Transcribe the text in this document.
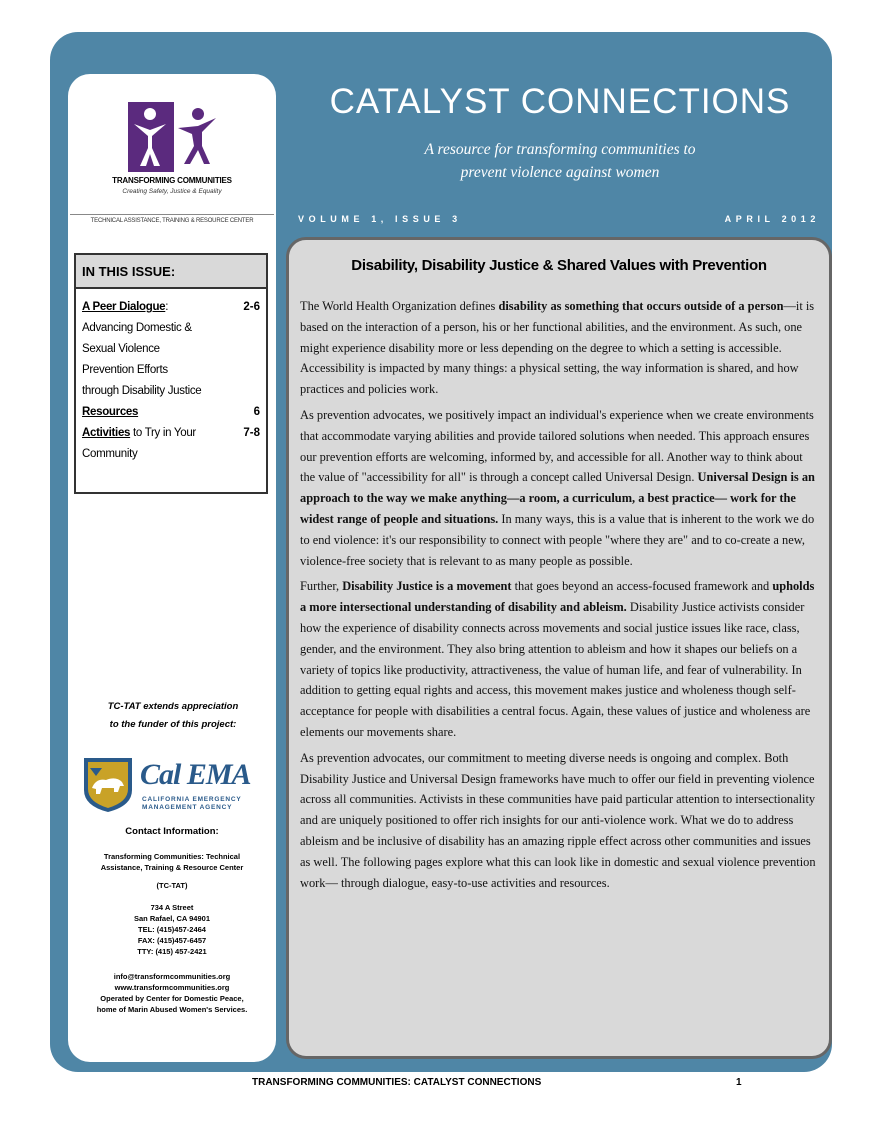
TRANSFORMING COMMUNITIES
Creating Safety, Justice & Equality
TECHNICAL ASSISTANCE, TRAINING & RESOURCE CENTER
IN THIS ISSUE:
A Peer Dialogue:	2-6
Advancing Domestic &
Sexual Violence
Prevention Efforts
through Disability Justice
Resources	6
Activities to Try in Your	7-8
Community
TC-TAT extends appreciation
to the funder of this project:
Cal EMA
CALIFORNIA EMERGENCY
MANAGEMENT AGENCY
Contact Information:
Transforming Communities: Technical
Assistance, Training & Resource Center
(TC-TAT)
734 A Street
San Rafael, CA 94901
TEL: (415)457-2464
FAX: (415)457-6457
TTY: (415) 457-2421
info@transformcommunities.org
www.transformcommunities.org
Operated by Center for Domestic Peace,
home of Marin Abused Women's Services.
CATALYST CONNECTIONS
A resource for transforming communities to
prevent violence against women
VOLUME 1, ISSUE 3	APRIL 2012
Disability, Disability Justice & Shared Values with Prevention

The World Health Organization defines disability as something that occurs outside of a person—it is based on the interaction of a person, his or her functional abilities, and the environment. As such, one might experience disability more or less depending on the degree to which a setting is accessible. Accessibility is impacted by many things: a physical setting, the way information is shared, and how practices and policies work.

As prevention advocates, we positively impact an individual's experience when we create environments that accommodate varying abilities and provide tailored solutions when needed. This approach ensures our prevention efforts are welcoming, informed by, and accessible for all. Another way to think about the value of "accessibility for all" is through a concept called Universal Design. Universal Design is an approach to the way we make anything—a room, a curriculum, a best practice— work for the widest range of people and situations. In many ways, this is a value that is inherent to the work we do to end violence: it's our responsibility to connect with people "where they are" and to co-create a new, violence-free society that is relevant to as many people as possible.

Further, Disability Justice is a movement that goes beyond an access-focused framework and upholds a more intersectional understanding of disability and ableism. Disability Justice activists consider how the experience of disability connects across movements and social justice issues like race, class, gender, and the environment. They also bring attention to ableism and how it shapes our beliefs on a variety of topics like productivity, attractiveness, the value of human life, and fear of vulnerability. In addition to getting equal rights and access, this movement makes justice and wholeness though self-acceptance for people with disabilities a central focus. Again, these values of justice and wholeness are elements our movements share.

As prevention advocates, our commitment to meeting diverse needs is ongoing and complex. Both Disability Justice and Universal Design frameworks have much to offer our field in preventing violence across all communities. Activists in these communities have paid particular attention to intersectionality and are uniquely positioned to offer rich insights for our anti-violence work. What we do to address ableism and be inclusive of disability has an amazing ripple effect across other communities and issues as well. The following pages explore what this can look like in domestic and sexual violence prevention work— through dialogue, easy-to-use activities and resources.

TRANSFORMING COMMUNITIES: CATALYST CONNECTIONS	1
